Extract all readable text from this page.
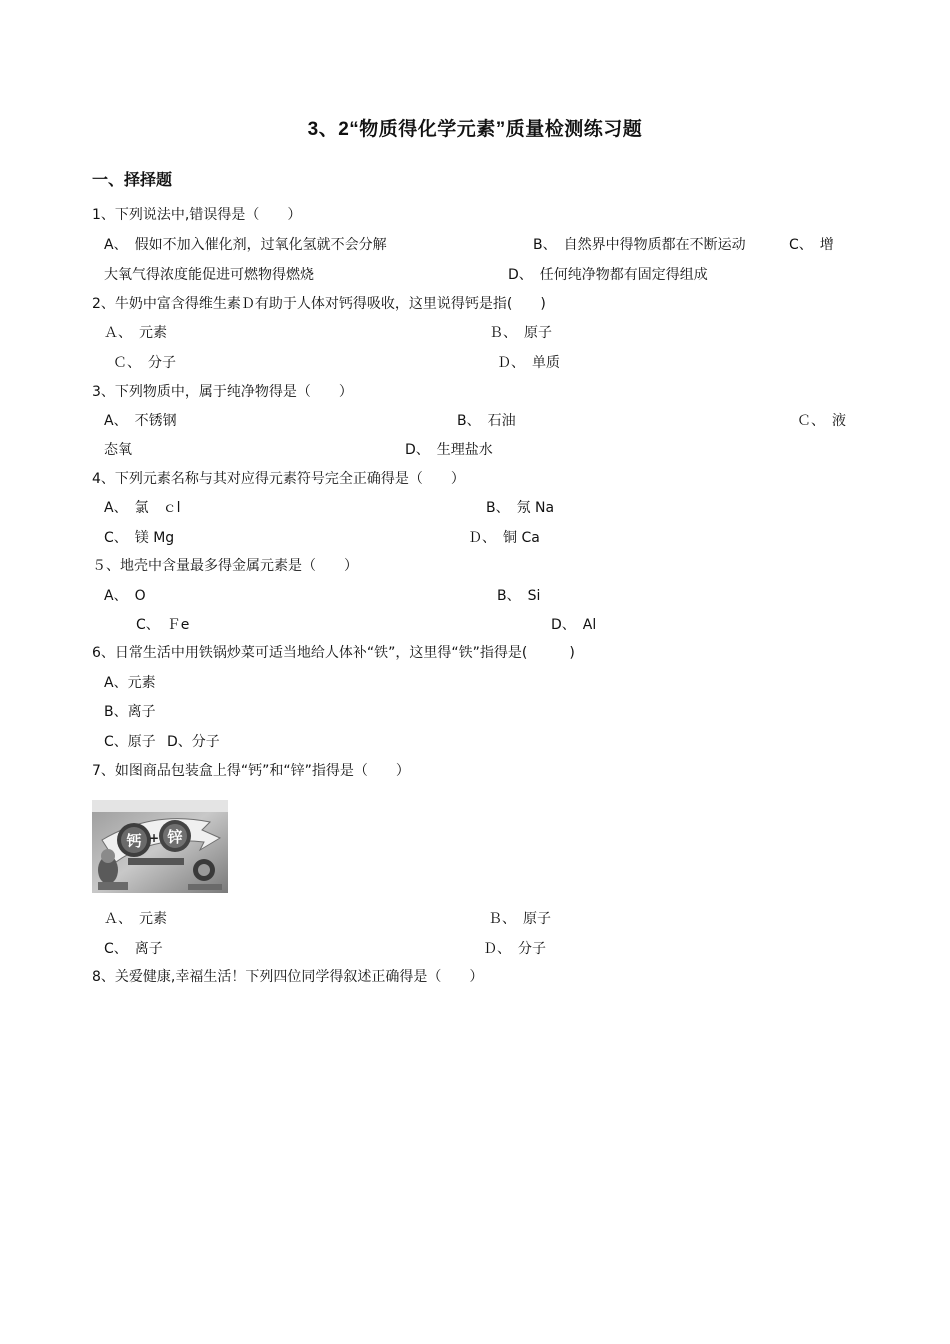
3、2“物质得化学元素”质量检测练习题
一、择择题
1、下列说法中,错误得是（　　）
A、　假如不加入催化剂，过氧化氢就不会分解	B、　自然界中得物质都在不断运动	C、　增
大氧气得浓度能促进可燃物得燃烧	D、　任何纯净物都有固定得组成
2、牛奶中富含得维生素Ｄ有助于人体对钙得吸收，这里说得钙是指(　　)
Ａ、　元素	Ｂ、　原子
Ｃ、　分子	Ｄ、　单质
3、下列物质中，属于纯净物得是（　　）
A、　不锈钢	B、　石油	Ｃ、　液
态氧	D、　生理盐水
4、下列元素名称与其对应得元素符号完全正确得是（　　）
A、　氯　ｃl	B、　氖 Na
C、　镁 Mg	Ｄ、　铜 Ca
５、地壳中含量最多得金属元素是（　　）
A、　O	B、　Si
C、　Ｆe	D、　Al
6、日常生活中用铁锅炒菜可适当地给人体补“铁”，这里得“铁”指得是(　　　)
A、元素
B、离子
C、原子 D、分子
7、如图商品包装盒上得“钙”和“锌”指得是（　　）
钙 + 锌
Ａ、　元素	Ｂ、　原子
C、　离子	Ｄ、　分子
8、关爱健康,幸福生活！下列四位同学得叙述正确得是（　　）
